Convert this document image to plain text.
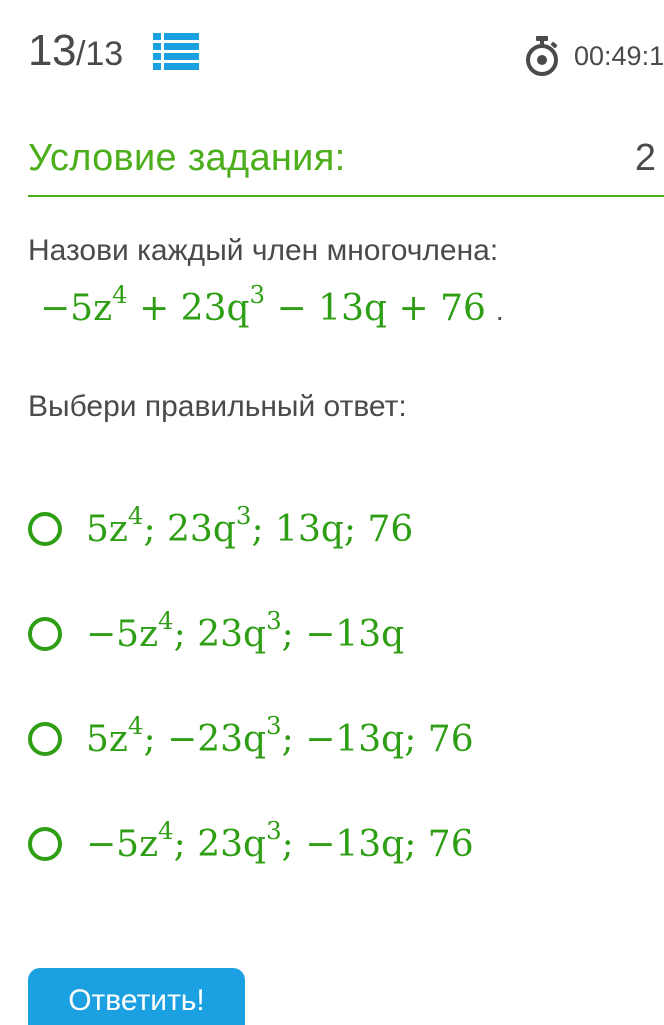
13 /13	00:49:1
Условие задания:	2
Назови каждый член многочлена:
$-5z^4 + 23q^3 - 13q + 76$ .
Выбери правильный ответ:
$5z^4$; $23q^3$; 13q; 76
$-5z^4$; $23q^3$; −13q
$5z^4$; $-23q^3$; −13q; 76
$-5z^4$; $23q^3$; −13q; 76
Ответить!
